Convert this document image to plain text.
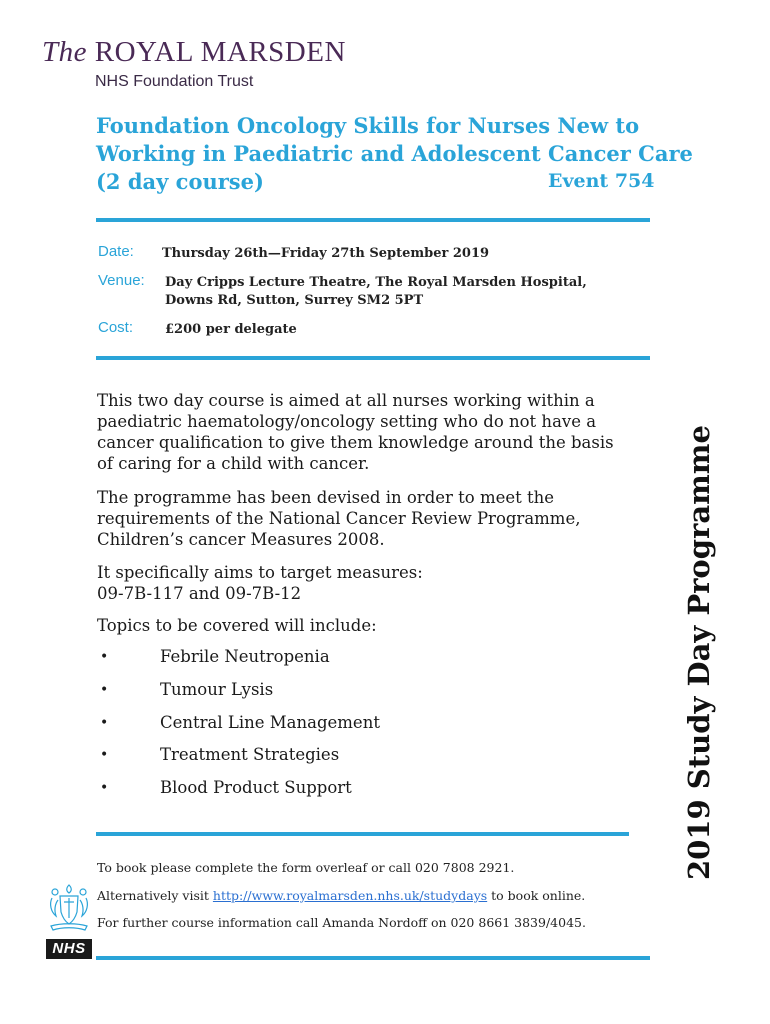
The ROYAL MARSDEN
NHS Foundation Trust
Foundation Oncology Skills for Nurses New to Working in Paediatric and Adolescent Cancer Care (2 day course)	Event 754
Date: Thursday 26th—Friday 27th September 2019
Venue: Day Cripps Lecture Theatre, The Royal Marsden Hospital,
Downs Rd, Sutton, Surrey SM2 5PT
Cost: £200 per delegate
This two day course is aimed at all nurses working within a paediatric haematology/oncology setting who do not have a cancer qualification to give them knowledge around the basis of caring for a child with cancer.
The programme has been devised in order to meet the requirements of the National Cancer Review Programme, Children’s cancer Measures 2008.
It specifically aims to target measures:
09-7B-117 and 09-7B-12
Topics to be covered will include:
•	Febrile Neutropenia
•	Tumour Lysis
•	Central Line Management
•	Treatment Strategies
•	Blood Product Support	2019 Study Day Programme
To book please complete the form overleaf or call 020 7808 2921.
Alternatively visit http://www.royalmarsden.nhs.uk/studydays to book online.
For further course information call Amanda Nordoff on 020 8661 3839/4045.
NHS
